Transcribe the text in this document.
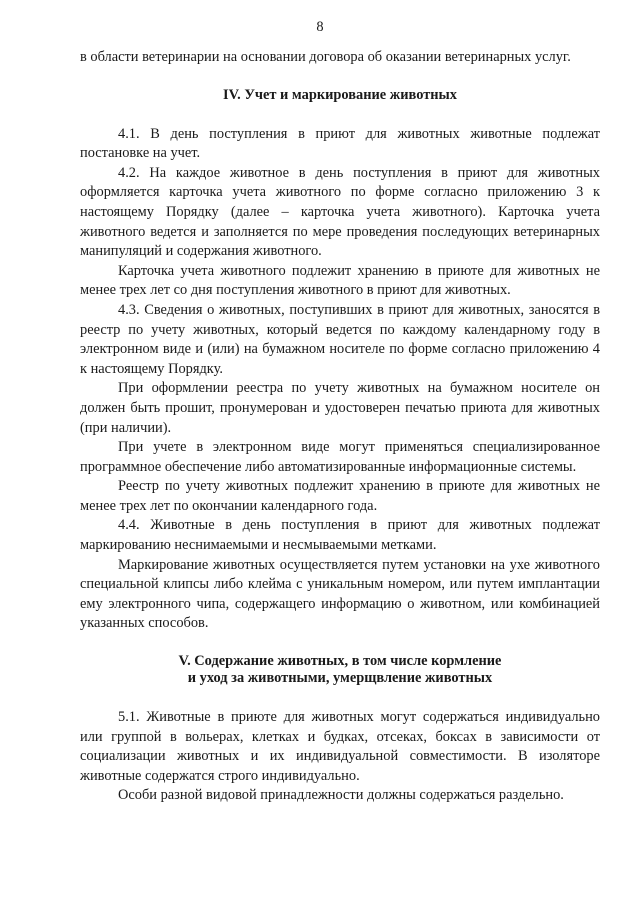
8

в области ветеринарии на основании договора об оказании ветеринарных услуг.

IV. Учет и маркирование животных

4.1. В день поступления в приют для животных животные подлежат постановке на учет.

4.2. На каждое животное в день поступления в приют для животных оформляется карточка учета животного по форме согласно приложению 3 к настоящему Порядку (далее – карточка учета животного). Карточка учета животного ведется и заполняется по мере проведения последующих ветеринарных манипуляций и содержания животного.

Карточка учета животного подлежит хранению в приюте для животных не менее трех лет со дня поступления животного в приют для животных.

4.3. Сведения о животных, поступивших в приют для животных, заносятся в реестр по учету животных, который ведется по каждому календарному году в электронном виде и (или) на бумажном носителе по форме согласно приложению 4 к настоящему Порядку.

При оформлении реестра по учету животных на бумажном носителе он должен быть прошит, пронумерован и удостоверен печатью приюта для животных (при наличии).

При учете в электронном виде могут применяться специализированное программное обеспечение либо автоматизированные информационные системы.

Реестр по учету животных подлежит хранению в приюте для животных не менее трех лет по окончании календарного года.

4.4. Животные в день поступления в приют для животных подлежат маркированию неснимаемыми и несмываемыми метками.

Маркирование животных осуществляется путем установки на ухе животного специальной клипсы либо клейма с уникальным номером, или путем имплантации ему электронного чипа, содержащего информацию о животном, или комбинацией указанных способов.

V. Содержание животных, в том числе кормление
и уход за животными, умерщвление животных

5.1. Животные в приюте для животных могут содержаться индивидуально или группой в вольерах, клетках и будках, отсеках, боксах в зависимости от социализации животных и их индивидуальной совместимости. В изоляторе животные содержатся строго индивидуально.

Особи разной видовой принадлежности должны содержаться раздельно.
